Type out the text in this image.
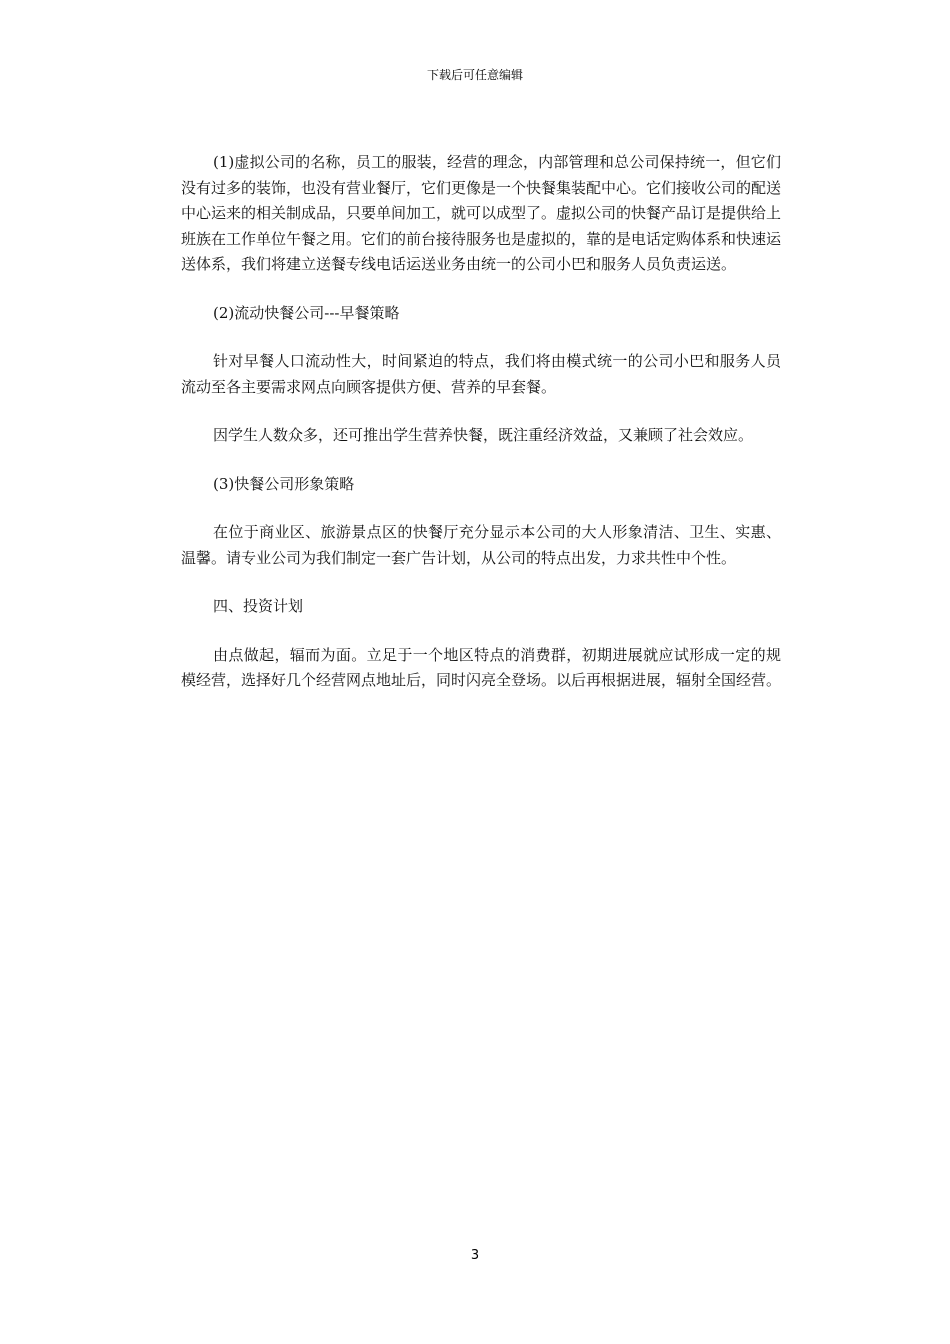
下载后可任意编辑

(1)虚拟公司的名称，员工的服装，经营的理念，内部管理和总公司保持统一，但它们没有过多的装饰，也没有营业餐厅，它们更像是一个快餐集装配中心。它们接收公司的配送中心运来的相关制成品，只要单间加工，就可以成型了。虚拟公司的快餐产品订是提供给上班族在工作单位午餐之用。它们的前台接待服务也是虚拟的，靠的是电话定购体系和快速运送体系，我们将建立送餐专线电话运送业务由统一的公司小巴和服务人员负责运送。

(2)流动快餐公司---早餐策略

针对早餐人口流动性大，时间紧迫的特点，我们将由模式统一的公司小巴和服务人员流动至各主要需求网点向顾客提供方便、营养的早套餐。

因学生人数众多，还可推出学生营养快餐，既注重经济效益，又兼顾了社会效应。

(3)快餐公司形象策略

在位于商业区、旅游景点区的快餐厅充分显示本公司的大人形象清洁、卫生、实惠、温馨。请专业公司为我们制定一套广告计划，从公司的特点出发，力求共性中个性。

四、投资计划

由点做起，辐而为面。立足于一个地区特点的消费群，初期进展就应试形成一定的规模经营，选择好几个经营网点地址后，同时闪亮全登场。以后再根据进展，辐射全国经营。

3
